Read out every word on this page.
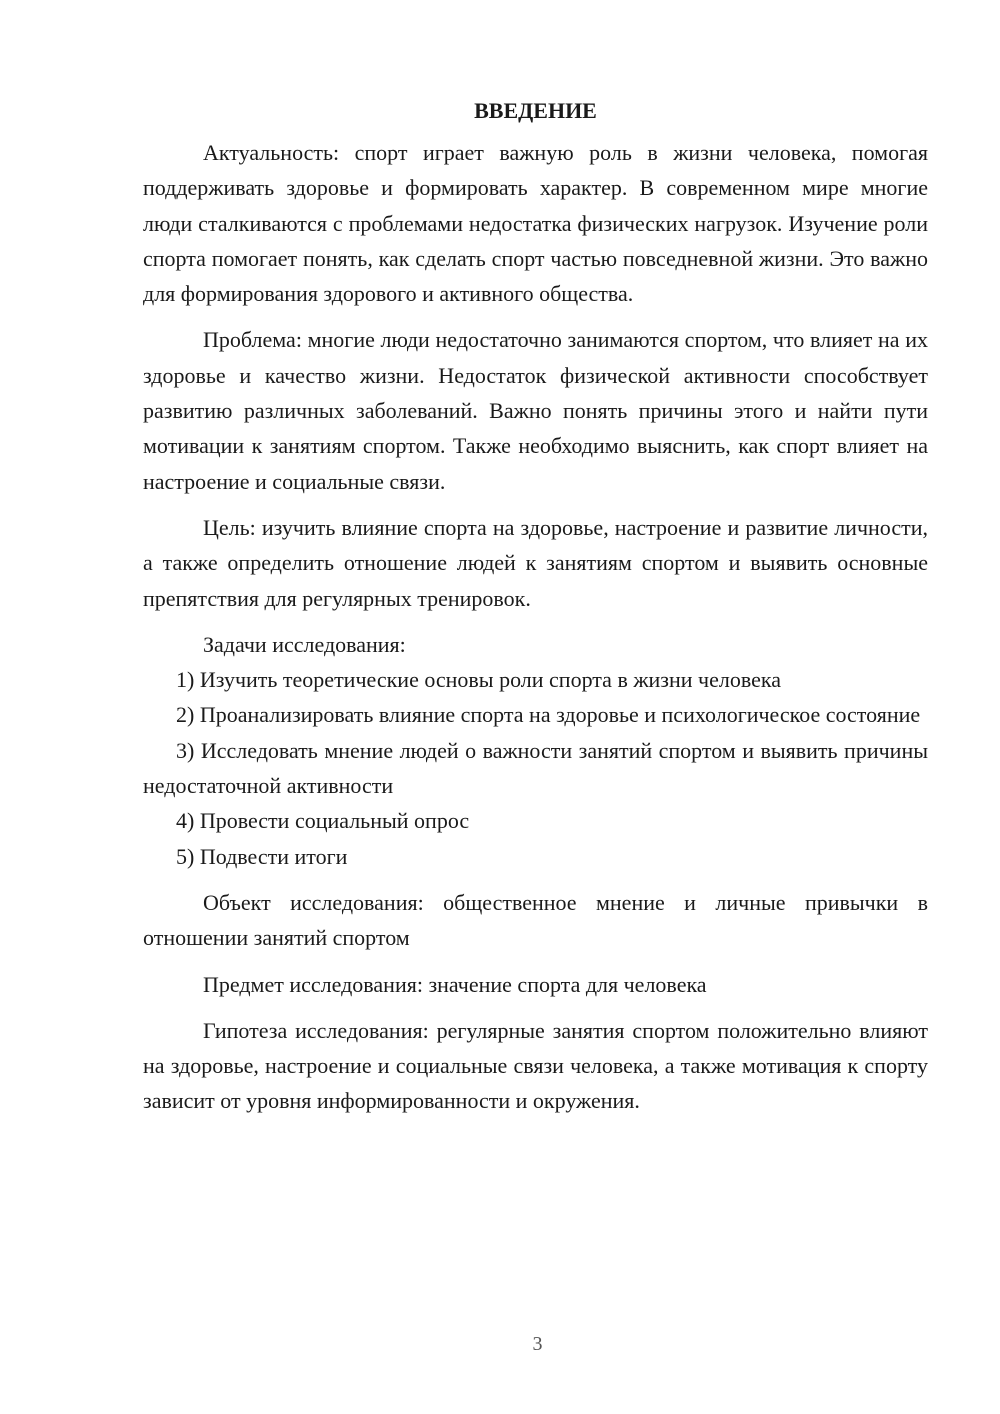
ВВЕДЕНИЕ

Актуальность: спорт играет важную роль в жизни человека, помогая поддерживать здоровье и формировать характер. В современном мире многие люди сталкиваются с проблемами недостатка физических нагрузок. Изучение роли спорта помогает понять, как сделать спорт частью повседневной жизни. Это важно для формирования здорового и активного общества.

Проблема: многие люди недостаточно занимаются спортом, что влияет на их здоровье и качество жизни. Недостаток физической активности способствует развитию различных заболеваний. Важно понять причины этого и найти пути мотивации к занятиям спортом. Также необходимо выяснить, как спорт влияет на настроение и социальные связи.

Цель: изучить влияние спорта на здоровье, настроение и развитие личности, а также определить отношение людей к занятиям спортом и выявить основные препятствия для регулярных тренировок.

Задачи исследования:

1) Изучить теоретические основы роли спорта в жизни человека

2) Проанализировать влияние спорта на здоровье и психологическое состояние

3) Исследовать мнение людей о важности занятий спортом и выявить причины недостаточной активности

4) Провести социальный опрос

5) Подвести итоги

Объект исследования: общественное мнение и личные привычки в отношении занятий спортом

Предмет исследования: значение спорта для человека

Гипотеза исследования: регулярные занятия спортом положительно влияют на здоровье, настроение и социальные связи человека, а также мотивация к спорту зависит от уровня информированности и окружения.

3
